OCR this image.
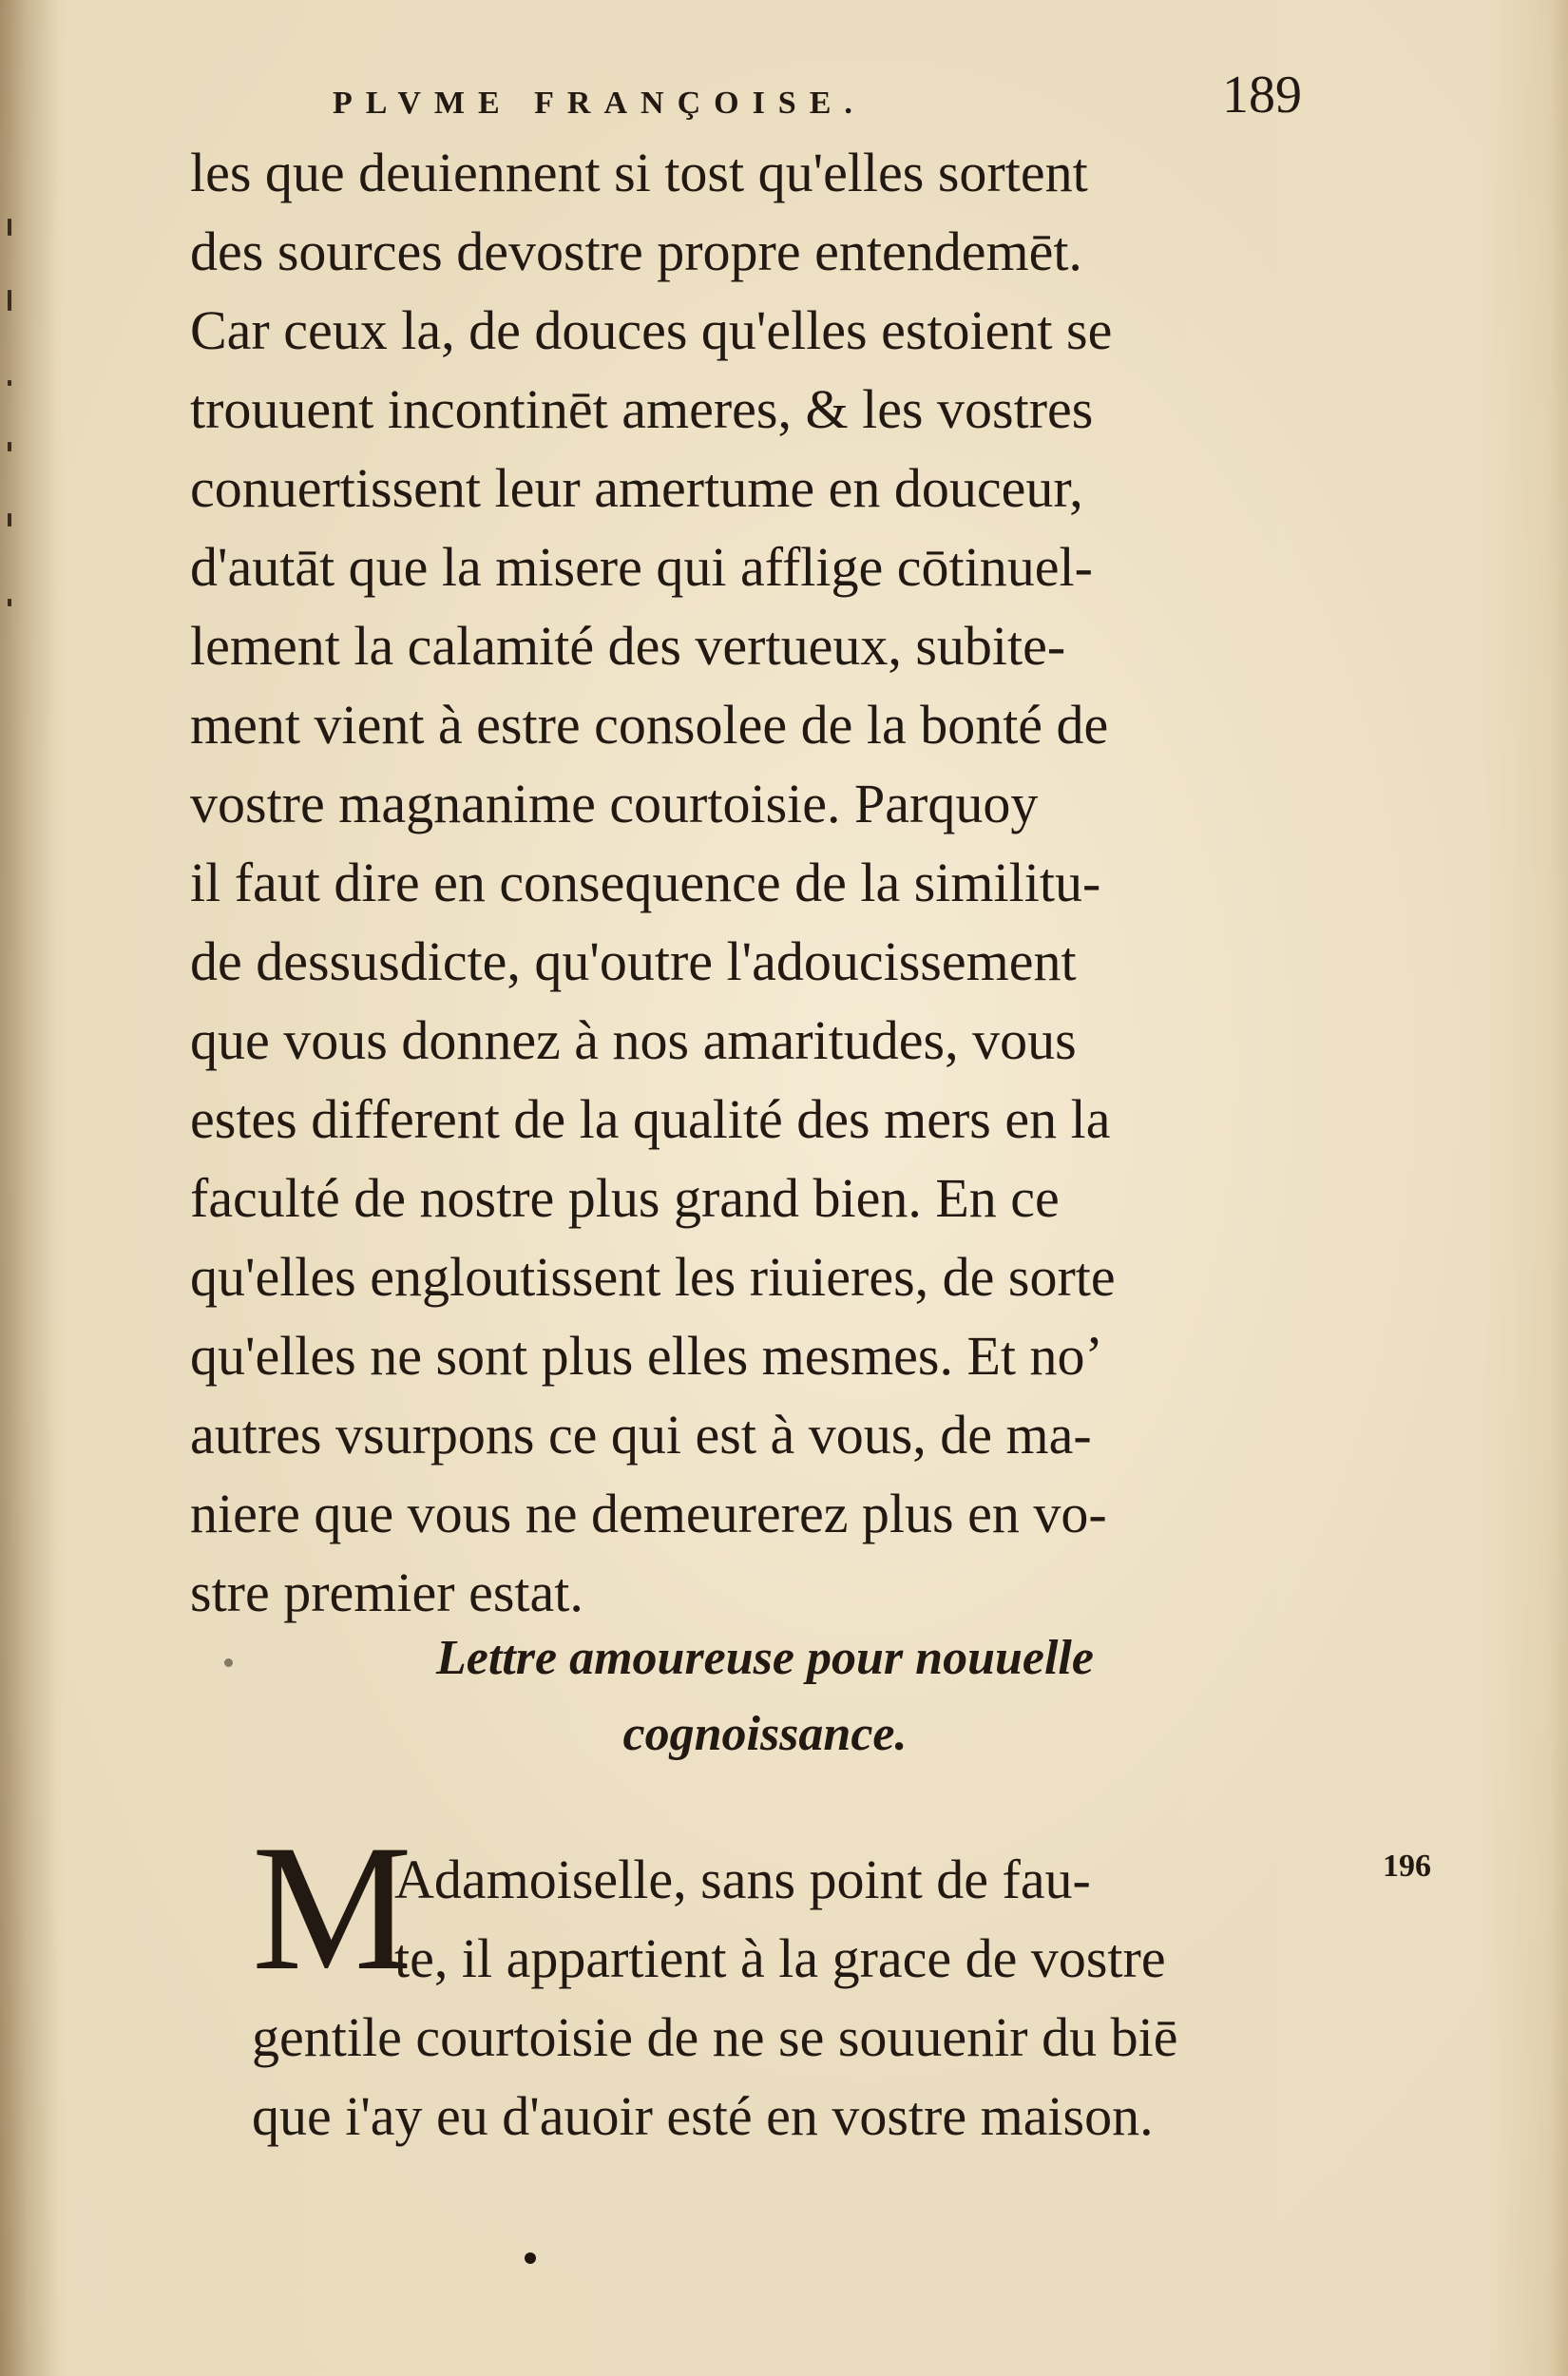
PLVME FRANÇOISE.	189
les que deuiennent si tost qu'elles sortent
des sources devostre propre entendemēt.
Car ceux la, de douces qu'elles estoient se
trouuent incontinēt ameres, & les vostres
conuertissent leur amertume en douceur,
d'autāt que la misere qui afflige cōtinuel-
lement la calamité des vertueux, subite-
ment vient à estre consolee de la bonté de
vostre magnanime courtoisie. Parquoy
il faut dire en consequence de la similitu-
de dessusdicte, qu'outre l'adoucissement
que vous donnez à nos amaritudes, vous
estes different de la qualité des mers en la
faculté de nostre plus grand bien. En ce
qu'elles engloutissent les riuieres, de sorte
qu'elles ne sont plus elles mesmes. Et no’
autres vsurpons ce qui est à vous, de ma-
niere que vous ne demeurerez plus en vo-
stre premier estat.
Lettre amoureuse pour nouuelle
cognoissance.
M
Adamoiselle, sans point de fau-
te, il appartient à la grace de vostre
gentile courtoisie de ne se souuenir du biē
que i'ay eu d'auoir esté en vostre maison.
196
